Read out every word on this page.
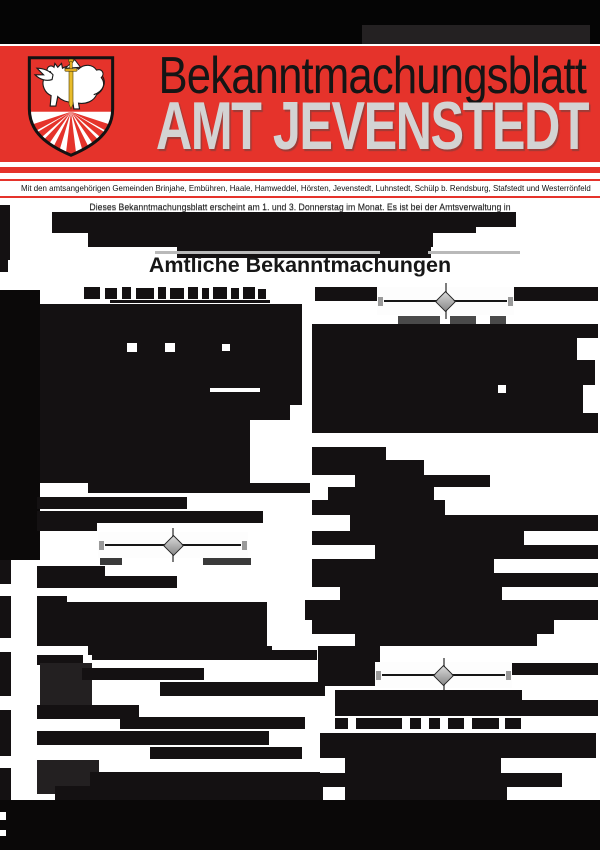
Bekanntmachungsblatt
AMT JEVENSTEDT
Mit den amtsangehörigen Gemeinden Brinjahe, Embühren, Haale, Hamweddel, Hörsten, Jevenstedt, Luhnstedt, Schülp b. Rendsburg, Stafstedt und Westerrönfeld
Dieses Bekanntmachungsblatt erscheint am 1. und 3. Donnerstag im Monat. Es ist bei der Amtsverwaltung in
Amtliche Bekanntmachungen
